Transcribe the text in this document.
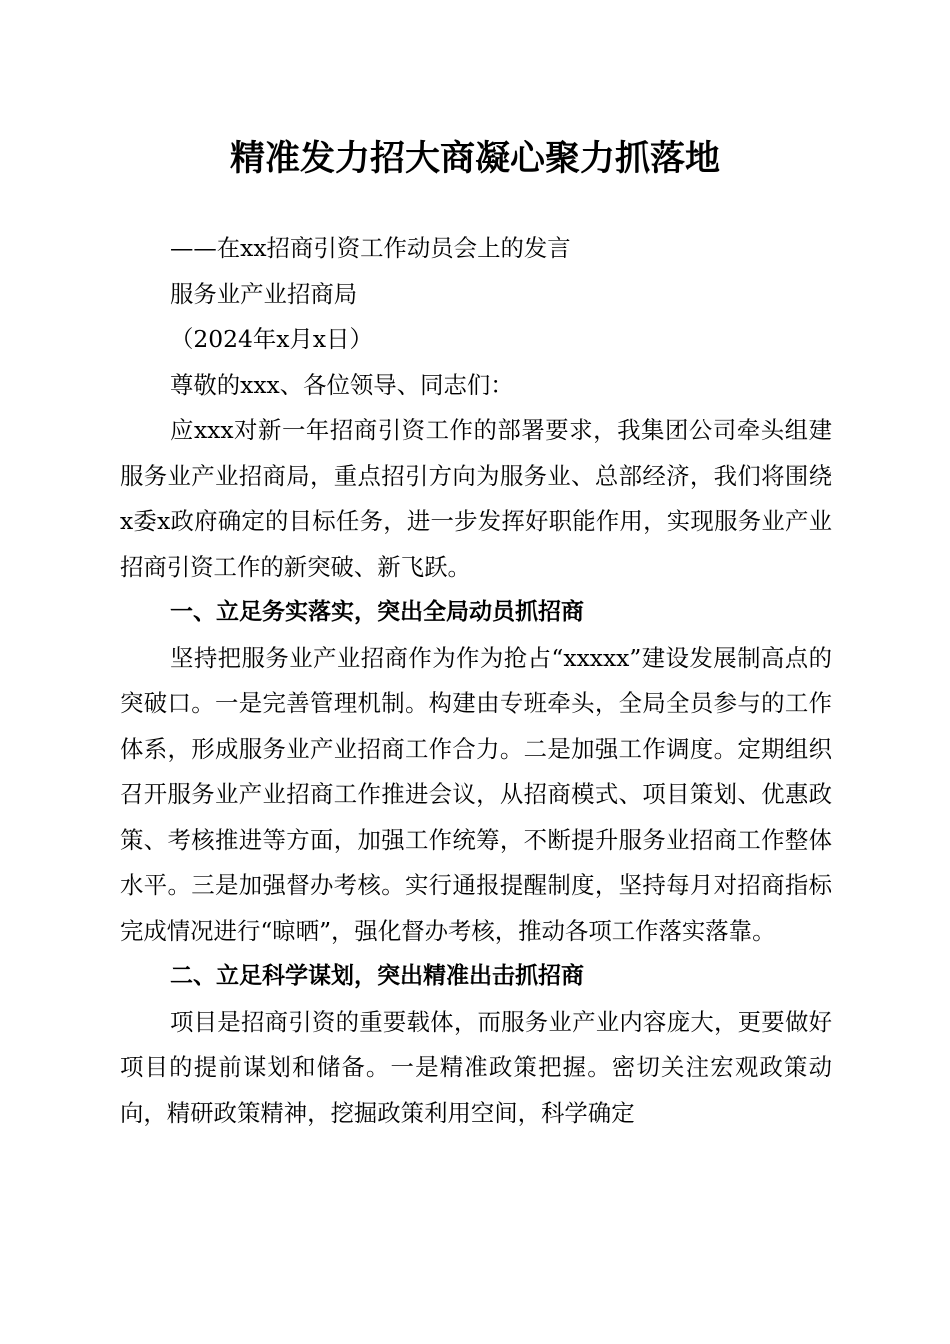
精准发力招大商凝心聚力抓落地

——在xx招商引资工作动员会上的发言

服务业产业招商局

（2024年x月x日）

尊敬的xxx、各位领导、同志们：

应xxx对新一年招商引资工作的部署要求，我集团公司牵头组建服务业产业招商局，重点招引方向为服务业、总部经济，我们将围绕x委x政府确定的目标任务，进一步发挥好职能作用，实现服务业产业招商引资工作的新突破、新飞跃。

一、立足务实落实，突出全局动员抓招商

坚持把服务业产业招商作为作为抢占“xxxxx”建设发展制高点的突破口。一是完善管理机制。构建由专班牵头，全局全员参与的工作体系，形成服务业产业招商工作合力。二是加强工作调度。定期组织召开服务业产业招商工作推进会议，从招商模式、项目策划、优惠政策、考核推进等方面，加强工作统筹，不断提升服务业招商工作整体水平。三是加强督办考核。实行通报提醒制度，坚持每月对招商指标完成情况进行“晾晒”，强化督办考核，推动各项工作落实落靠。

二、立足科学谋划，突出精准出击抓招商

项目是招商引资的重要载体，而服务业产业内容庞大，更要做好项目的提前谋划和储备。一是精准政策把握。密切关注宏观政策动向，精研政策精神，挖掘政策利用空间，科学确定
